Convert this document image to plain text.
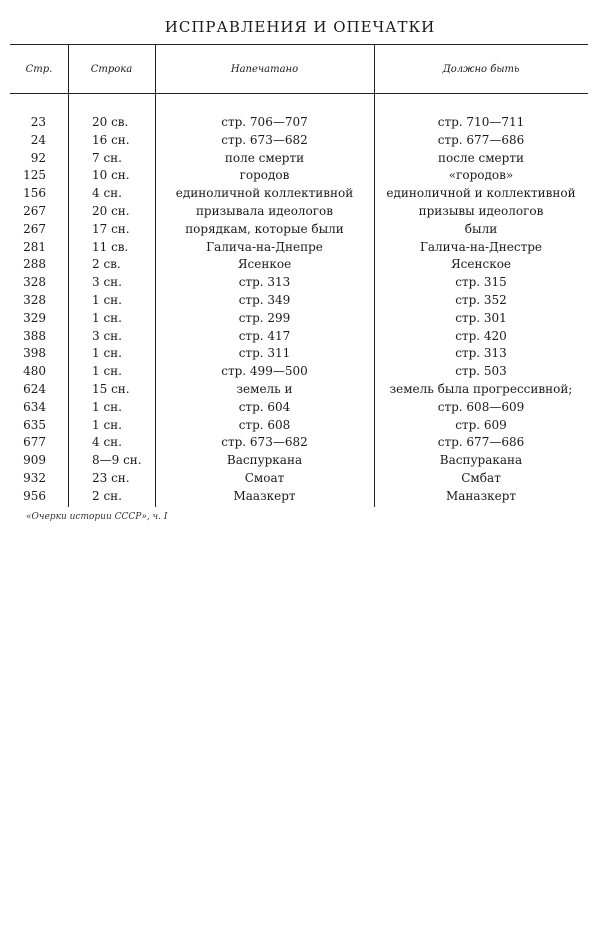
ИСПРАВЛЕНИЯ И ОПЕЧАТКИ
Стр.	Строка	Напечатано	Должно быть
23	20 св.	стр. 706—707	стр. 710—711
24	16 сн.	стр. 673—682	стр. 677—686
92	7 сн.	поле смерти	после смерти
125	10 сн.	городов	«городов»
156	4 сн.	единоличной коллективной	единоличной и коллективной
267	20 сн.	призывала идеологов	призывы идеологов
267	17 сн.	порядкам, которые были	были
281	11 св.	Галича-на-Днепре	Галича-на-Днестре
288	2 св.	Ясенкое	Ясенское
328	3 сн.	стр. 313	стр. 315
328	1 сн.	стр. 349	стр. 352
329	1 сн.	стр. 299	стр. 301
388	3 сн.	стр. 417	стр. 420
398	1 сн.	стр. 311	стр. 313
480	1 сн.	стр. 499—500	стр. 503
624	15 сн.	земель и	земель была прогрессивной;
634	1 сн.	стр. 604	стр. 608—609
635	1 сн.	стр. 608	стр. 609
677	4 сн.	стр. 673—682	стр. 677—686
909	8—9 сн.	Васпуркана	Васпуракана
932	23 сн.	Смоат	Смбат
956	2 сн.	Маазкерт	Маназкерт
«Очерки истории СССР», ч. I
